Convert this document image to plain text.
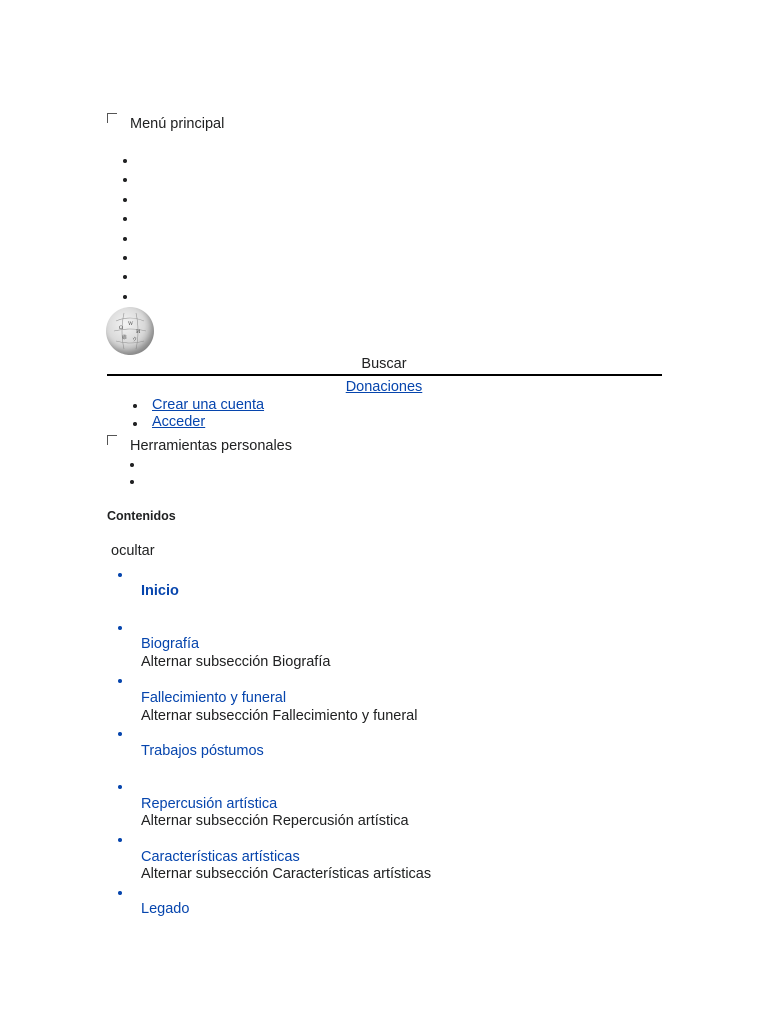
Menú principal
Ω
W
И
維 ウ
Buscar
Donaciones
Crear una cuenta
Acceder
Herramientas personales
Contenidos
ocultar
Inicio
Biografía
Alternar subsección Biografía
Fallecimiento y funeral
Alternar subsección Fallecimiento y funeral
Trabajos póstumos
Repercusión artística
Alternar subsección Repercusión artística
Características artísticas
Alternar subsección Características artísticas
Legado
